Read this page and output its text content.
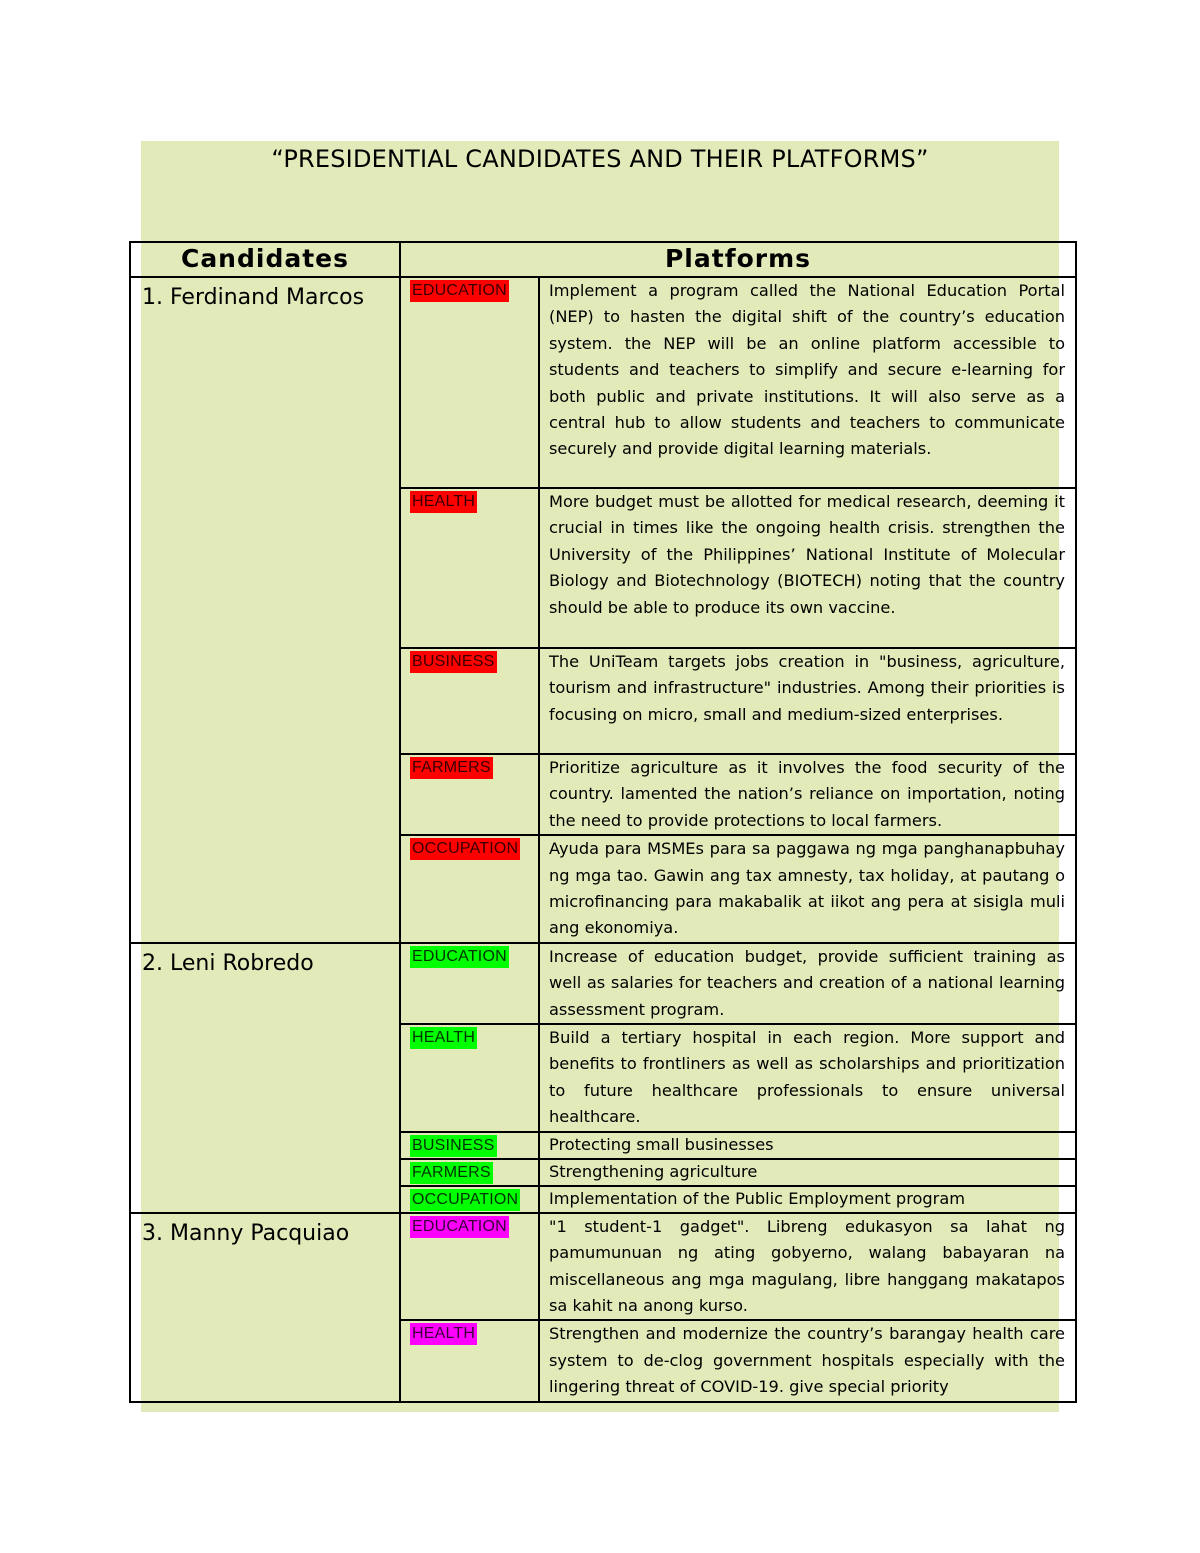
“PRESIDENTIAL CANDIDATES AND THEIR PLATFORMS”
Candidates	Platforms	
1. Ferdinand Marcos	EDUCATION	Implement a program called the National Education Portal (NEP) to hasten the digital shift of the country’s education system. the NEP will be an online platform accessible to students and teachers to simplify and secure e-learning for both public and private institutions. It will also serve as a central hub to allow students and teachers to communicate securely and provide digital learning materials.
	HEALTH	More budget must be allotted for medical research, deeming it crucial in times like the ongoing health crisis. strengthen the University of the Philippines’ National Institute of Molecular Biology and Biotechnology (BIOTECH) noting that the country should be able to produce its own vaccine.
	BUSINESS	The UniTeam targets jobs creation in "business, agriculture, tourism and infrastructure" industries. Among their priorities is focusing on micro, small and medium-sized enterprises.
	FARMERS	Prioritize agriculture as it involves the food security of the country. lamented the nation’s reliance on importation, noting the need to provide protections to local farmers.
	OCCUPATION	Ayuda para MSMEs para sa paggawa ng mga panghanapbuhay ng mga tao. Gawin ang tax amnesty, tax holiday, at pautang o microfinancing para makabalik at iikot ang pera at sisigla muli ang ekonomiya.
2. Leni Robredo	EDUCATION	Increase of education budget, provide sufficient training as well as salaries for teachers and creation of a national learning assessment program.
	HEALTH	Build a tertiary hospital in each region. More support and benefits to frontliners as well as scholarships and prioritization to future healthcare professionals to ensure universal healthcare.
	BUSINESS	Protecting small businesses
	FARMERS	Strengthening agriculture
	OCCUPATION	Implementation of the Public Employment program
3. Manny Pacquiao	EDUCATION	"1 student-1 gadget". Libreng edukasyon sa lahat ng pamumunuan ng ating gobyerno, walang babayaran na miscellaneous ang mga magulang, libre hanggang makatapos sa kahit na anong kurso.
	HEALTH	Strengthen and modernize the country’s barangay health care system to de-clog government hospitals especially with the lingering threat of COVID-19. give special priority
